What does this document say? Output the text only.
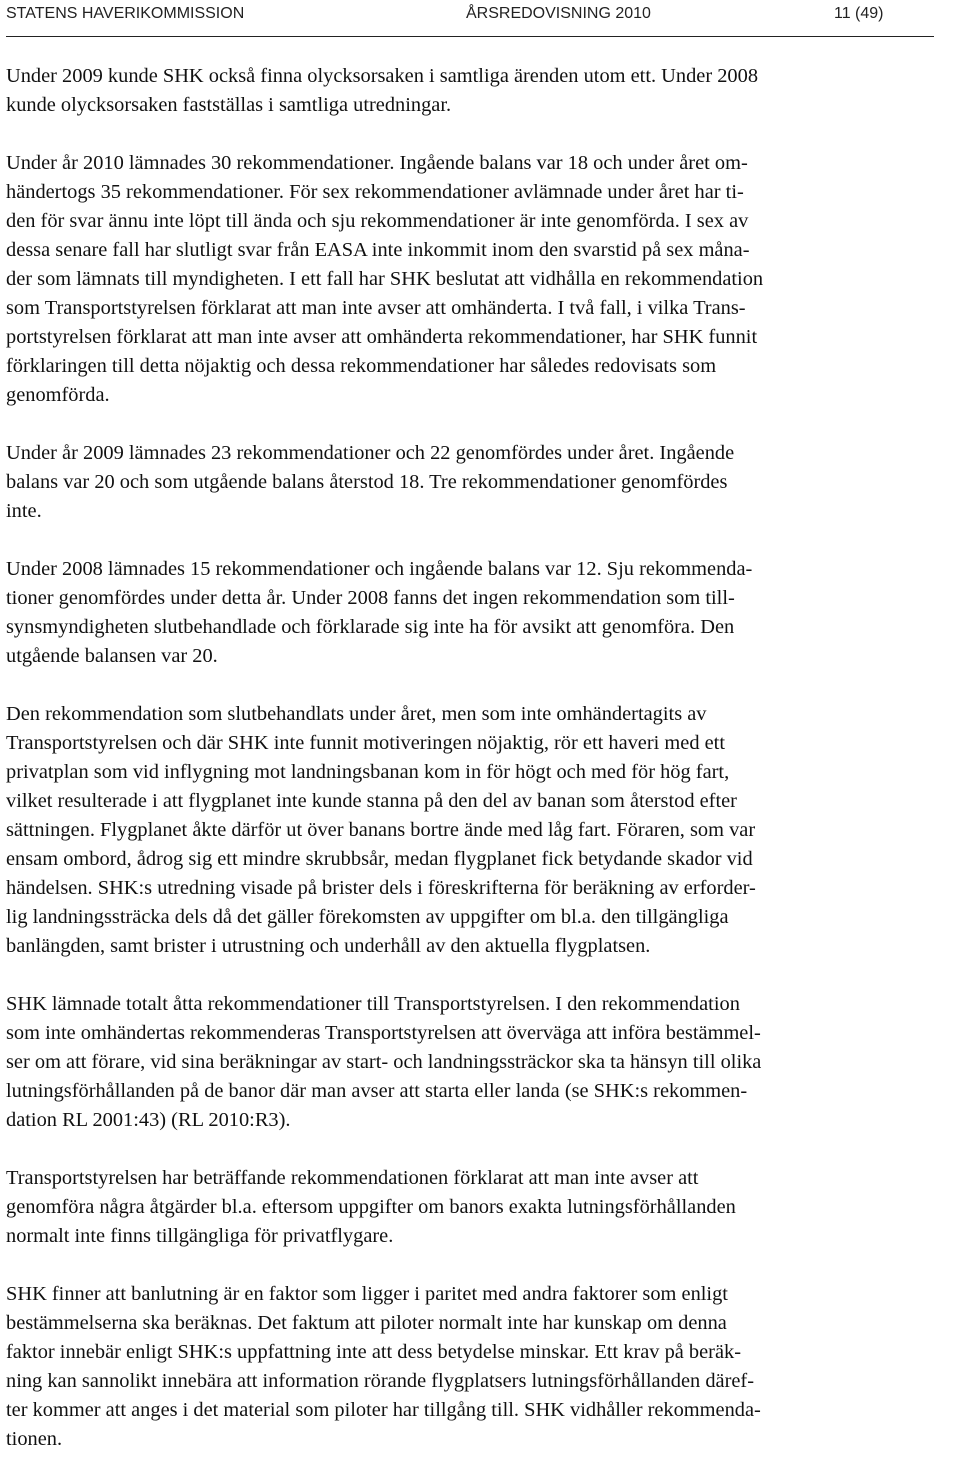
STATENS HAVERIKOMMISSION	ÅRSREDOVISNING 2010	11 (49)
Under 2009 kunde SHK också finna olycksorsaken i samtliga ärenden utom ett. Under 2008
kunde olycksorsaken fastställas i samtliga utredningar.
Under år 2010 lämnades 30 rekommendationer. Ingående balans var 18 och under året om-
händertogs 35 rekommendationer. För sex rekommendationer avlämnade under året har ti-
den för svar ännu inte löpt till ända och sju rekommendationer är inte genomförda. I sex av
dessa senare fall har slutligt svar från EASA inte inkommit inom den svarstid på sex måna-
der som lämnats till myndigheten. I ett fall har SHK beslutat att vidhålla en rekommendation
som Transportstyrelsen förklarat att man inte avser att omhänderta. I två fall, i vilka Trans-
portstyrelsen förklarat att man inte avser att omhänderta rekommendationer, har SHK funnit
förklaringen till detta nöjaktig och dessa rekommendationer har således redovisats som
genomförda.
Under år 2009 lämnades 23 rekommendationer och 22 genomfördes under året. Ingående
balans var 20 och som utgående balans återstod 18. Tre rekommendationer genomfördes
inte.
Under 2008 lämnades 15 rekommendationer och ingående balans var 12. Sju rekommenda-
tioner genomfördes under detta år. Under 2008 fanns det ingen rekommendation som till-
synsmyndigheten slutbehandlade och förklarade sig inte ha för avsikt att genomföra. Den
utgående balansen var 20.
Den rekommendation som slutbehandlats under året, men som inte omhändertagits av
Transportstyrelsen och där SHK inte funnit motiveringen nöjaktig, rör ett haveri med ett
privatplan som vid inflygning mot landningsbanan kom in för högt och med för hög fart,
vilket resulterade i att flygplanet inte kunde stanna på den del av banan som återstod efter
sättningen. Flygplanet åkte därför ut över banans bortre ände med låg fart. Föraren, som var
ensam ombord, ådrog sig ett mindre skrubbsår, medan flygplanet fick betydande skador vid
händelsen. SHK:s utredning visade på brister dels i föreskrifterna för beräkning av erforder-
lig landningssträcka dels då det gäller förekomsten av uppgifter om bl.a. den tillgängliga
banlängden, samt brister i utrustning och underhåll av den aktuella flygplatsen.
SHK lämnade totalt åtta rekommendationer till Transportstyrelsen. I den rekommendation
som inte omhändertas rekommenderas Transportstyrelsen att överväga att införa bestämmel-
ser om att förare, vid sina beräkningar av start- och landningssträckor ska ta hänsyn till olika
lutningsförhållanden på de banor där man avser att starta eller landa (se SHK:s rekommen-
dation RL 2001:43) (RL 2010:R3).
Transportstyrelsen har beträffande rekommendationen förklarat att man inte avser att
genomföra några åtgärder bl.a. eftersom uppgifter om banors exakta lutningsförhållanden
normalt inte finns tillgängliga för privatflygare.
SHK finner att banlutning är en faktor som ligger i paritet med andra faktorer som enligt
bestämmelserna ska beräknas. Det faktum att piloter normalt inte har kunskap om denna
faktor innebär enligt SHK:s uppfattning inte att dess betydelse minskar. Ett krav på beräk-
ning kan sannolikt innebära att information rörande flygplatsers lutningsförhållanden däref-
ter kommer att anges i det material som piloter har tillgång till. SHK vidhåller rekommenda-
tionen.
